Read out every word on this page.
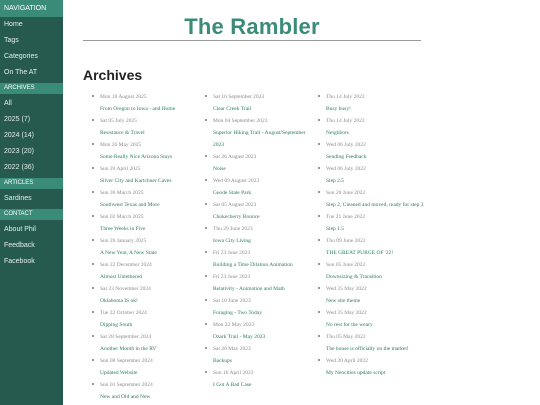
NAVIGATION
Home
Tags
Categories
On The AT
ARCHIVES
All
2025 (7)
2024 (14)
2023 (20)
2022 (36)
ARTICLES
Sardines
CONTACT
About Phil
Feedback
Facebook
The Rambler
Archives
Mon 18 August 2025
From Oregon to Iowa - and Home
Sat 05 July 2025
Resistance & Travel
Mon 26 May 2025
Some Really Nice Arizona Stays
Sun 20 April 2025
Silver City and Kartchner Caves
Sun 30 March 2025
Southwest Texas and More
Sun 02 March 2025
Three Weeks in Five
Sun 26 January 2025
A New Year, A New State
Sun 22 December 2024
Almost Untethered
Sat 23 November 2024
Oklahoma IS ok!
Tue 22 October 2024
Dipping South
Sat 28 September 2024
Another Month in the RV
Sun 08 September 2024
Updated Website
Sun 01 September 2024
New and Old and New
Sat 16 September 2023
Clear Creek Trail
Mon 04 September 2023
Superior Hiking Trail - August/September 2023
Sat 26 August 2023
Noise
Wed 09 August 2023
Geode State Park
Sat 05 August 2023
Chokecherry Bounce
Thu 29 June 2023
Iowa City Living
Fri 23 June 2023
Building a Time Dilation Animation
Fri 23 June 2023
Relativity - Animation and Math
Sat 10 June 2023
Foraging - Two Today
Mon 22 May 2023
Ozark Trail - May 2023
Sat 20 May 2023
Backups
Sun 16 April 2023
I Got A Bad Case
Thu 14 July 2022
Busy busy!
Thu 14 July 2022
Neighbors
Wed 06 July 2022
Sending Feedback
Wed 06 July 2022
Step 2.5
Sun 26 June 2022
Step 2, Cleaned and moved, ready for step 3
Tue 21 June 2022
Step 1.5
Thu 09 June 2022
THE GREAT PURGE OF '22!
Sun 05 June 2022
Downsizing & Transition
Wed 25 May 2022
New site theme
Wed 25 May 2022
No rest for the weary
Thu 05 May 2022
The house is officially on the market!
Wed 20 April 2022
My Neocities update script
